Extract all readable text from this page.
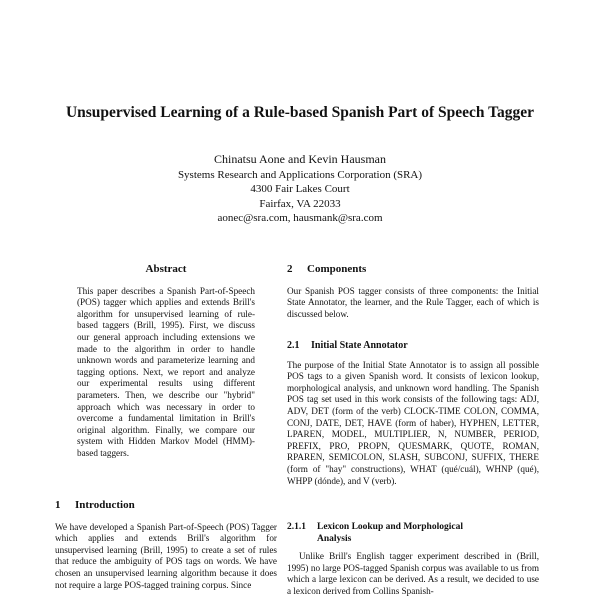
Unsupervised Learning of a Rule-based Spanish Part of Speech Tagger
Chinatsu Aone and Kevin Hausman
Systems Research and Applications Corporation (SRA)
4300 Fair Lakes Court
Fairfax, VA 22033
aonec@sra.com, hausmank@sra.com
Abstract

This paper describes a Spanish Part-of-Speech (POS) tagger which applies and extends Brill's algorithm for unsupervised learning of rule-based taggers (Brill, 1995). First, we discuss our general approach including extensions we made to the algorithm in order to handle unknown words and parameterize learning and tagging options. Next, we report and analyze our experimental results using different parameters. Then, we describe our "hybrid" approach which was necessary in order to overcome a fundamental limitation in Brill's original algorithm. Finally, we compare our system with Hidden Markov Model (HMM)-based taggers.

1 Introduction

We have developed a Spanish Part-of-Speech (POS) Tagger which applies and extends Brill's algorithm for unsupervised learning (Brill, 1995) to create a set of rules that reduce the ambiguity of POS tags on words. We have chosen an unsupervised learning algorithm because it does not require a large POS-tagged training corpus. Since

2 Components

Our Spanish POS tagger consists of three components: the Initial State Annotator, the learner, and the Rule Tagger, each of which is discussed below.

2.1 Initial State Annotator

The purpose of the Initial State Annotator is to assign all possible POS tags to a given Spanish word. It consists of lexicon lookup, morphological analysis, and unknown word handling. The Spanish POS tag set used in this work consists of the following tags: ADJ, ADV, DET (form of the verb) CLOCK-TIME COLON, COMMA, CONJ, DATE, DET, HAVE (form of haber), HYPHEN, LETTER, LPAREN, MODEL, MULTIPLIER, N, NUMBER, PERIOD, PREFIX, PRO, PROPN, QUESMARK, QUOTE, ROMAN, RPAREN, SEMICOLON, SLASH, SUBCONJ, SUFFIX, THERE (form of "hay" constructions), WHAT (qué/cuál), WHNP (qué), WHPP (dónde), and V (verb).

2.1.1 Lexicon Lookup and Morphological
Analysis

Unlike Brill's English tagger experiment described in (Brill, 1995) no large POS-tagged Spanish corpus was available to us from which a large lexicon can be derived. As a result, we decided to use a lexicon derived from Collins Spanish-
